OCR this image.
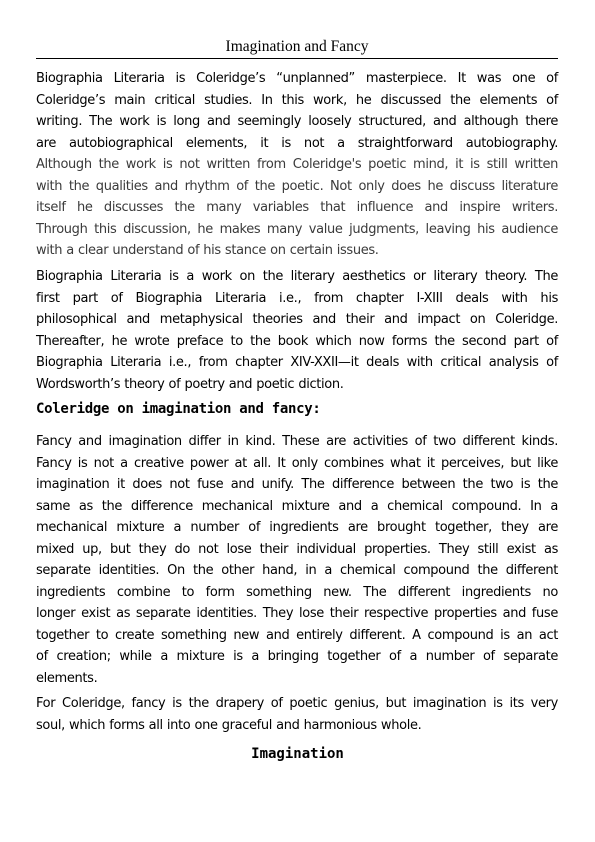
Imagination and Fancy
Biographia Literaria is Coleridge’s “unplanned” masterpiece. It was one of
Coleridge’s main critical studies. In this work, he discussed the elements of
writing. The work is long and seemingly loosely structured, and although there
are autobiographical elements, it is not a straightforward autobiography.
Although the work is not written from Coleridge's poetic mind, it is still written
with the qualities and rhythm of the poetic. Not only does he discuss literature
itself he discusses the many variables that influence and inspire writers.
Through this discussion, he makes many value judgments, leaving his audience
with a clear understand of his stance on certain issues.
Biographia Literaria is a work on the literary aesthetics or literary theory. The
first part of Biographia Literaria i.e., from chapter I-XIII deals with his
philosophical and metaphysical theories and their and impact on Coleridge.
Thereafter, he wrote preface to the book which now forms the second part of
Biographia Literaria i.e., from chapter XIV-XXII—it deals with critical analysis of
Wordsworth’s theory of poetry and poetic diction.
Coleridge on imagination and fancy:
Fancy and imagination differ in kind. These are activities of two different kinds.
Fancy is not a creative power at all. It only combines what it perceives, but like
imagination it does not fuse and unify. The difference between the two is the
same as the difference mechanical mixture and a chemical compound. In a
mechanical mixture a number of ingredients are brought together, they are
mixed up, but they do not lose their individual properties. They still exist as
separate identities. On the other hand, in a chemical compound the different
ingredients combine to form something new. The different ingredients no
longer exist as separate identities. They lose their respective properties and fuse
together to create something new and entirely different. A compound is an act
of creation; while a mixture is a bringing together of a number of separate
elements.
For Coleridge, fancy is the drapery of poetic genius, but imagination is its very
soul, which forms all into one graceful and harmonious whole.
Imagination
